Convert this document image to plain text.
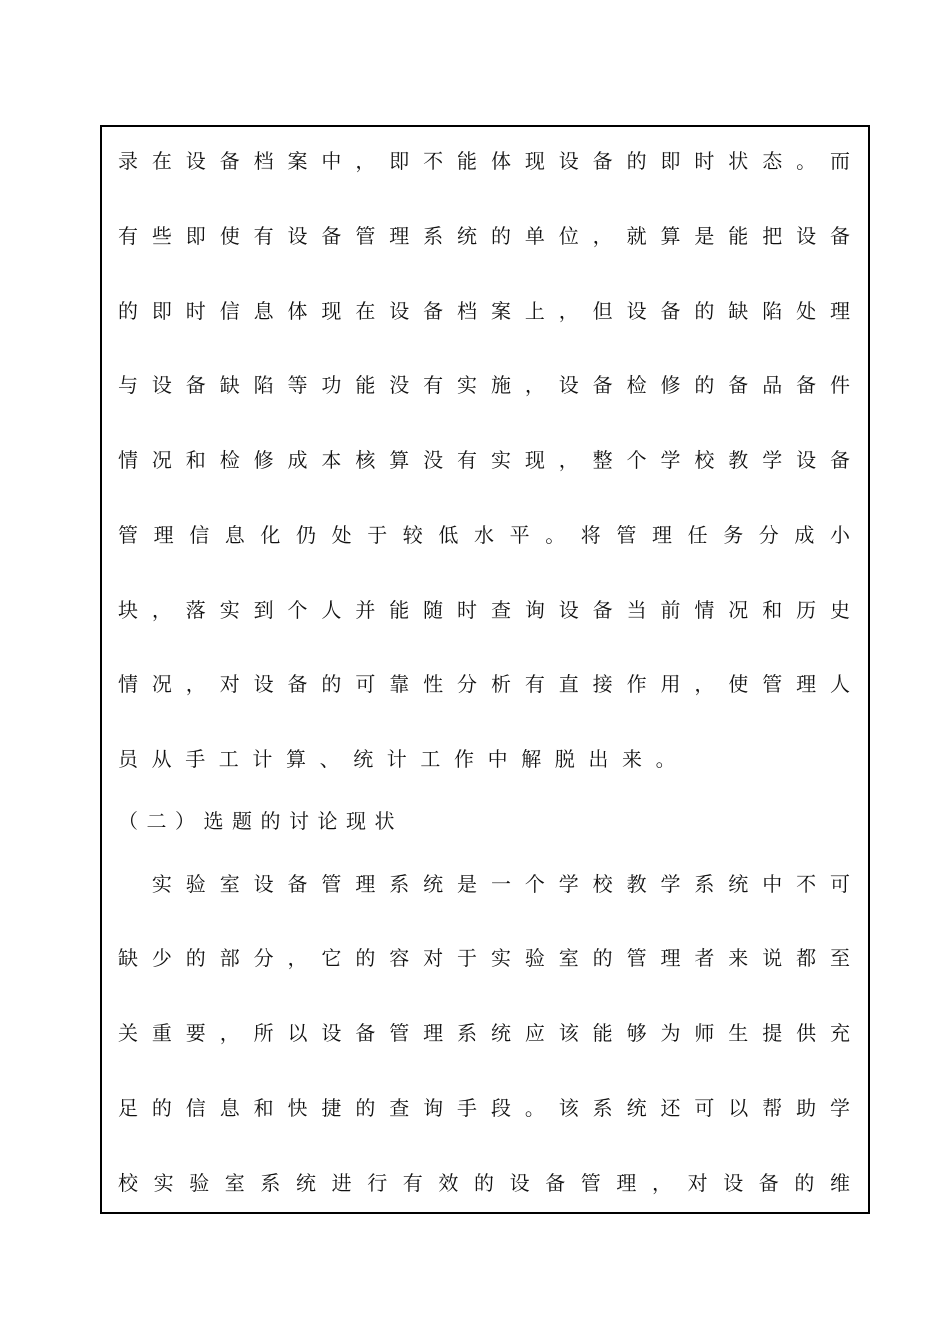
录在设备档案中，即不能体现设备的即时状态。而
有些即使有设备管理系统的单位，就算是能把设备
的即时信息体现在设备档案上，但设备的缺陷处理
与设备缺陷等功能没有实施，设备检修的备品备件
情况和检修成本核算没有实现，整个学校教学设备
管理信息化仍处于较低水平。将管理任务分成小
块，落实到个人并能随时查询设备当前情况和历史
情况，对设备的可靠性分析有直接作用，使管理人
员从手工计算、统计工作中解脱出来。
（二）选题的讨论现状
　实验室设备管理系统是一个学校教学系统中不可
缺少的部分，它的容对于实验室的管理者来说都至
关重要，所以设备管理系统应该能够为师生提供充
足的信息和快捷的查询手段。该系统还可以帮助学
校实验室系统进行有效的设备管理，对设备的维
